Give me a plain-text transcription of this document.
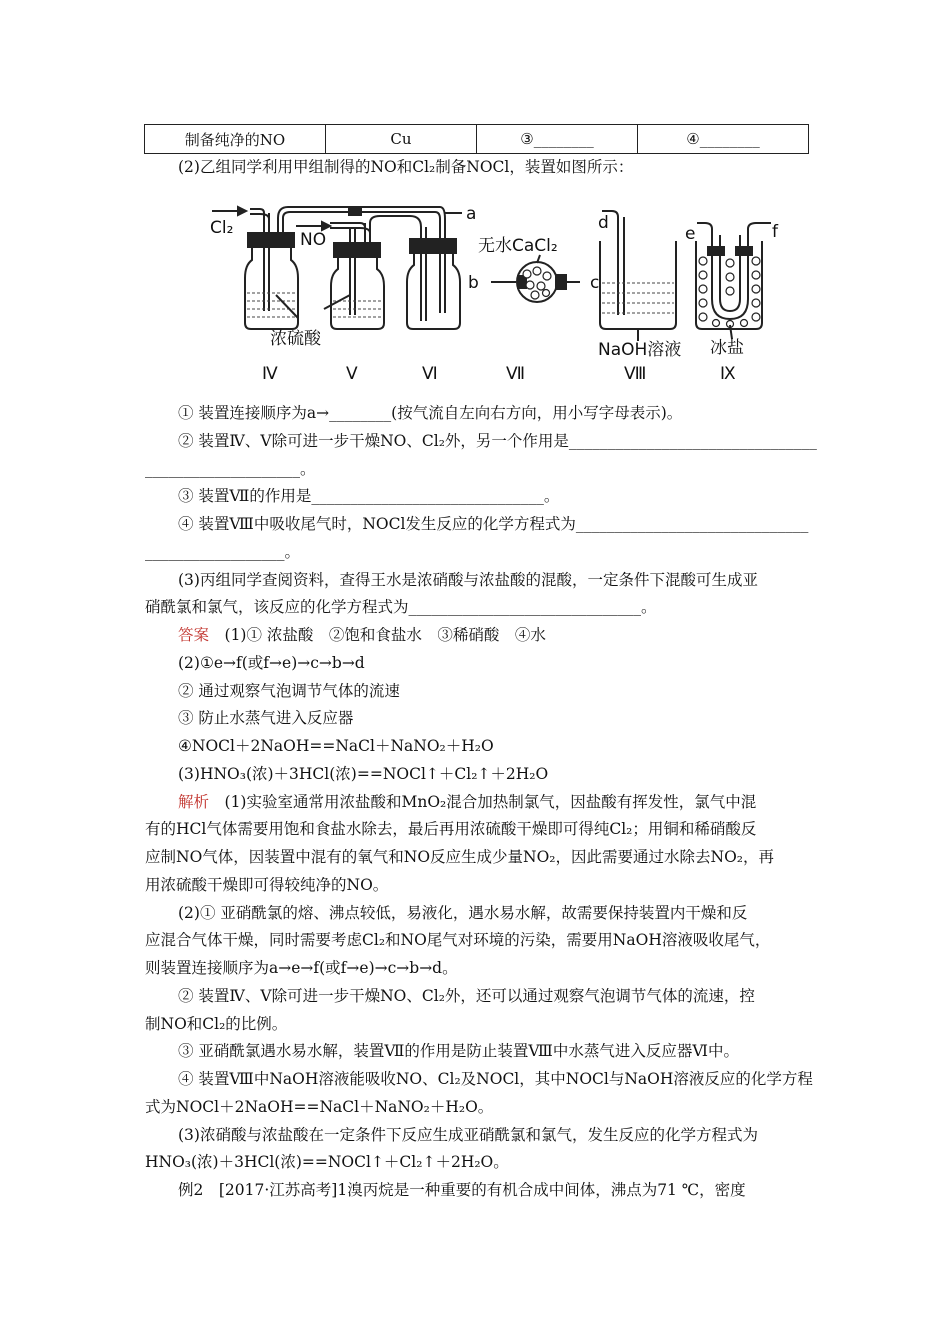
制备纯净的NO	Cu	③________	④________
(2)乙组同学利用甲组制得的NO和Cl₂制备NOCl，装置如图所示：
Cl₂
NO
a
b	c
d
e	f
无水CaCl₂
浓硫酸
NaOH溶液 冰盐
Ⅳ	Ⅴ	Ⅵ	Ⅶ	Ⅷ	Ⅸ
① 装置连接顺序为a→________(按气流自左向右方向，用小写字母表示)。
② 装置Ⅳ、Ⅴ除可进一步干燥NO、Cl₂外，另一个作用是________________________________
____________________。
③ 装置Ⅶ的作用是______________________________。
④ 装置Ⅷ中吸收尾气时，NOCl发生反应的化学方程式为______________________________
__________________。
(3)丙组同学查阅资料，查得王水是浓硝酸与浓盐酸的混酸，一定条件下混酸可生成亚
硝酰氯和氯气，该反应的化学方程式为______________________________。
答案　(1)① 浓盐酸　②饱和食盐水　③稀硝酸　④水
(2)①e→f(或f→e)→c→b→d
② 通过观察气泡调节气体的流速
③ 防止水蒸气进入反应器
④NOCl＋2NaOH==NaCl＋NaNO₂＋H₂O
(3)HNO₃(浓)＋3HCl(浓)==NOCl↑＋Cl₂↑＋2H₂O
解析　(1)实验室通常用浓盐酸和MnO₂混合加热制氯气，因盐酸有挥发性，氯气中混
有的HCl气体需要用饱和食盐水除去，最后再用浓硫酸干燥即可得纯Cl₂；用铜和稀硝酸反
应制NO气体，因装置中混有的氧气和NO反应生成少量NO₂，因此需要通过水除去NO₂，再
用浓硫酸干燥即可得较纯净的NO。
(2)① 亚硝酰氯的熔、沸点较低，易液化，遇水易水解，故需要保持装置内干燥和反
应混合气体干燥，同时需要考虑Cl₂和NO尾气对环境的污染，需要用NaOH溶液吸收尾气，
则装置连接顺序为a→e→f(或f→e)→c→b→d。
② 装置Ⅳ、Ⅴ除可进一步干燥NO、Cl₂外，还可以通过观察气泡调节气体的流速，控
制NO和Cl₂的比例。
③ 亚硝酰氯遇水易水解，装置Ⅶ的作用是防止装置Ⅷ中水蒸气进入反应器Ⅵ中。
④ 装置Ⅷ中NaOH溶液能吸收NO、Cl₂及NOCl，其中NOCl与NaOH溶液反应的化学方程
式为NOCl＋2NaOH==NaCl＋NaNO₂＋H₂O。
(3)浓硝酸与浓盐酸在一定条件下反应生成亚硝酰氯和氯气，发生反应的化学方程式为
HNO₃(浓)＋3HCl(浓)==NOCl↑＋Cl₂↑＋2H₂O。
例2　[2017·江苏高考]1溴丙烷是一种重要的有机合成中间体，沸点为71 ℃，密度
